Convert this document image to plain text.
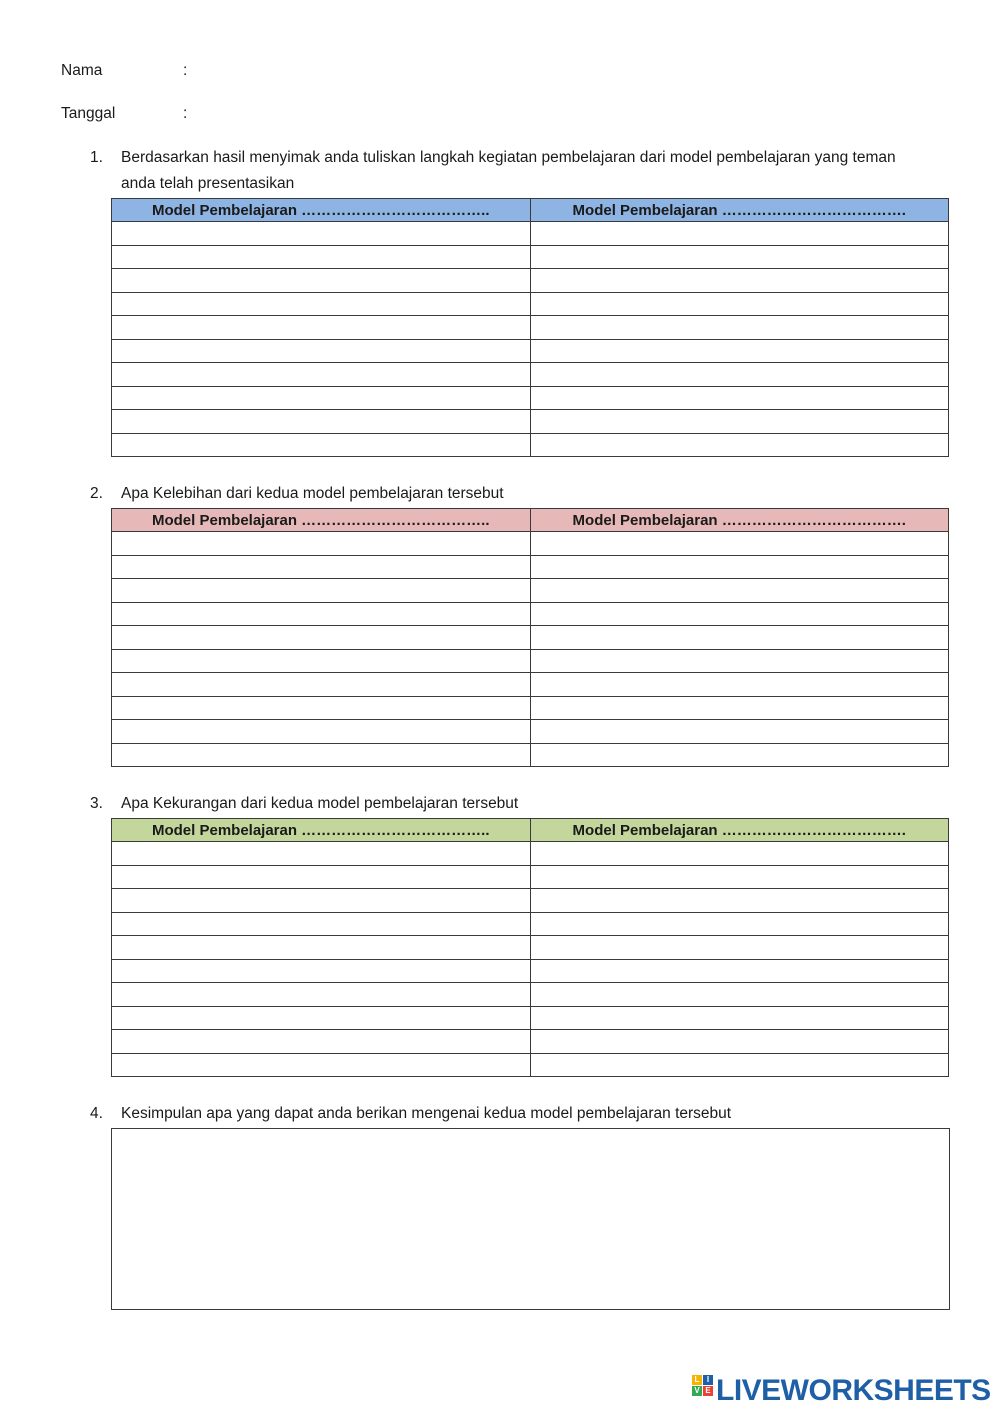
Nama	:
Tanggal	:
1. Berdasarkan hasil menyimak anda tuliskan langkah kegiatan pembelajaran dari model pembelajaran yang teman anda telah presentasikan
Model Pembelajaran ………………………………..	Model Pembelajaran ……………………………….

2. Apa Kelebihan dari kedua model pembelajaran tersebut
Model Pembelajaran ………………………………..	Model Pembelajaran ……………………………….

3. Apa Kekurangan dari kedua model pembelajaran tersebut
Model Pembelajaran ………………………………..	Model Pembelajaran ……………………………….

4. Kesimpulan apa yang dapat anda berikan mengenai kedua model pembelajaran tersebut
L I
V E LIVEWORKSHEETS
